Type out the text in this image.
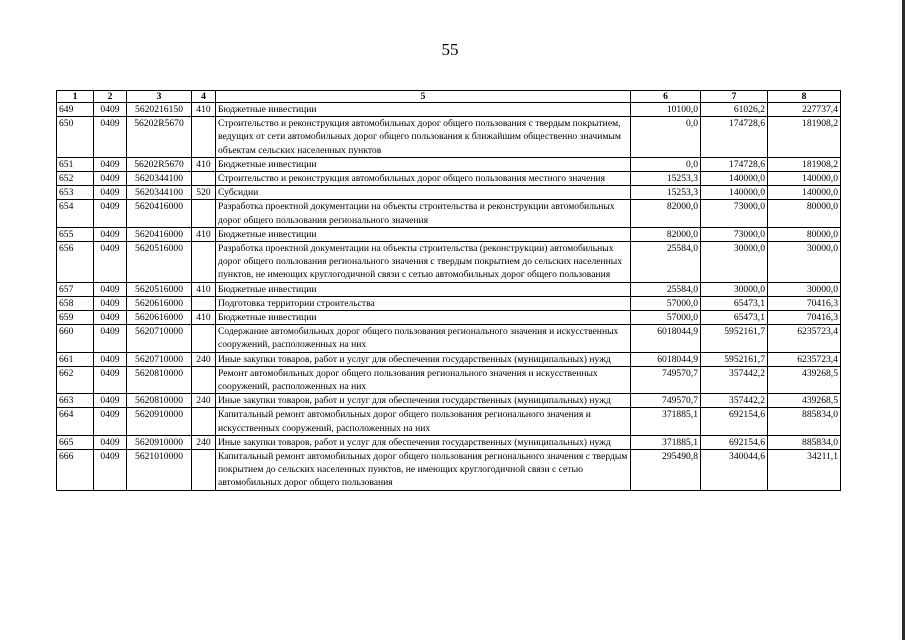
55
1	2	3	4	5	6	7	8
649	0409	5620216150	410	Бюджетные инвестиции	10100,0	61026,2	227737,4
650	0409	56202R5670		Строительство и реконструкция автомобильных дорог общего пользования с твердым покрытием, ведущих от сети автомобильных дорог общего пользования к ближайшим общественно значимым объектам сельских населенных пунктов	0,0	174728,6	181908,2
651	0409	56202R5670	410	Бюджетные инвестиции	0,0	174728,6	181908,2
652	0409	5620344100		Строительство и реконструкция автомобильных дорог общего пользования местного значения	15253,3	140000,0	140000,0
653	0409	5620344100	520	Субсидии	15253,3	140000,0	140000,0
654	0409	5620416000		Разработка проектной документации на объекты строительства и реконструкции автомобильных дорог общего пользования регионального значения	82000,0	73000,0	80000,0
655	0409	5620416000	410	Бюджетные инвестиции	82000,0	73000,0	80000,0
656	0409	5620516000		Разработка проектной документации на объекты строительства (реконструкции) автомобильных дорог общего пользования регионального значения с твердым покрытием до сельских населенных пунктов, не имеющих круглогодичной связи с сетью автомобильных дорог общего пользования	25584,0	30000,0	30000,0
657	0409	5620516000	410	Бюджетные инвестиции	25584,0	30000,0	30000,0
658	0409	5620616000		Подготовка территории строительства	57000,0	65473,1	70416,3
659	0409	5620616000	410	Бюджетные инвестиции	57000,0	65473,1	70416,3
660	0409	5620710000		Содержание автомобильных дорог общего пользования регионального значения и искусственных сооружений, расположенных на них	6018044,9	5952161,7	6235723,4
661	0409	5620710000	240	Иные закупки товаров, работ и услуг для обеспечения государственных (муниципальных) нужд	6018044,9	5952161,7	6235723,4
662	0409	5620810000		Ремонт автомобильных дорог общего пользования регионального значения и искусственных сооружений, расположенных на них	749570,7	357442,2	439268,5
663	0409	5620810000	240	Иные закупки товаров, работ и услуг для обеспечения государственных (муниципальных) нужд	749570,7	357442,2	439268,5
664	0409	5620910000		Капитальный ремонт автомобильных дорог общего пользования регионального значения и искусственных сооружений, расположенных на них	371885,1	692154,6	885834,0
665	0409	5620910000	240	Иные закупки товаров, работ и услуг для обеспечения государственных (муниципальных) нужд	371885,1	692154,6	885834,0
666	0409	5621010000		Капитальный ремонт автомобильных дорог общего пользования регионального значения с твердым покрытием до сельских населенных пунктов, не имеющих круглогодичной связи с сетью автомобильных дорог общего пользования	295490,8	340044,6	34211,1
